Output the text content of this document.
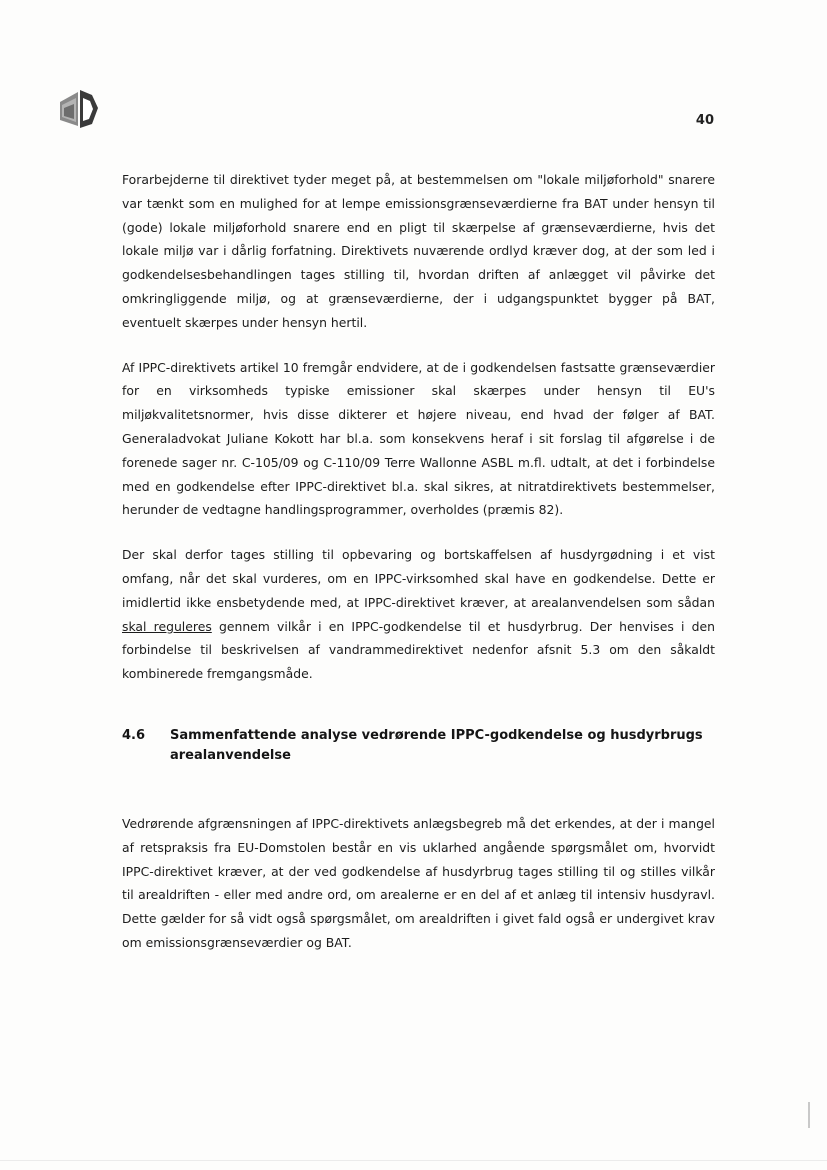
40

Forarbejderne til direktivet tyder meget på, at bestemmelsen om "lokale miljøforhold" snarere var tænkt som en mulighed for at lempe emissionsgrænseværdierne fra BAT under hensyn til (gode) lokale miljøforhold snarere end en pligt til skærpelse af grænseværdierne, hvis det lokale miljø var i dårlig forfatning. Direktivets nuværende ordlyd kræver dog, at der som led i godkendelsesbehandlingen tages stilling til, hvordan driften af anlægget vil påvirke det omkringliggende miljø, og at grænseværdierne, der i udgangspunktet bygger på BAT, eventuelt skærpes under hensyn hertil.

Af IPPC-direktivets artikel 10 fremgår endvidere, at de i godkendelsen fastsatte grænseværdier for en virksomheds typiske emissioner skal skærpes under hensyn til EU's miljøkvalitetsnormer, hvis disse dikterer et højere niveau, end hvad der følger af BAT. Generaladvokat Juliane Kokott har bl.a. som konsekvens heraf i sit forslag til afgørelse i de forenede sager nr. C-105/09 og C-110/09 Terre Wallonne ASBL m.fl. udtalt, at det i forbindelse med en godkendelse efter IPPC-direktivet bl.a. skal sikres, at nitratdirektivets bestemmelser, herunder de vedtagne handlingsprogrammer, overholdes (præmis 82).

Der skal derfor tages stilling til opbevaring og bortskaffelsen af husdyrgødning i et vist omfang, når det skal vurderes, om en IPPC-virksomhed skal have en godkendelse. Dette er imidlertid ikke ensbetydende med, at IPPC-direktivet kræver, at arealanvendelsen som sådan skal reguleres gennem vilkår i en IPPC-godkendelse til et husdyrbrug. Der henvises i den forbindelse til beskrivelsen af vandrammedirektivet nedenfor afsnit 5.3 om den såkaldt kombinerede fremgangsmåde.

4.6	Sammenfattende analyse vedrørende IPPC-godkendelse og husdyrbrugs arealanvendelse

Vedrørende afgrænsningen af IPPC-direktivets anlægsbegreb må det erkendes, at der i mangel af retspraksis fra EU-Domstolen består en vis uklarhed angående spørgsmålet om, hvorvidt IPPC-direktivet kræver, at der ved godkendelse af husdyrbrug tages stilling til og stilles vilkår til arealdriften - eller med andre ord, om arealerne er en del af et anlæg til intensiv husdyravl. Dette gælder for så vidt også spørgsmålet, om arealdriften i givet fald også er undergivet krav om emissionsgrænseværdier og BAT.
